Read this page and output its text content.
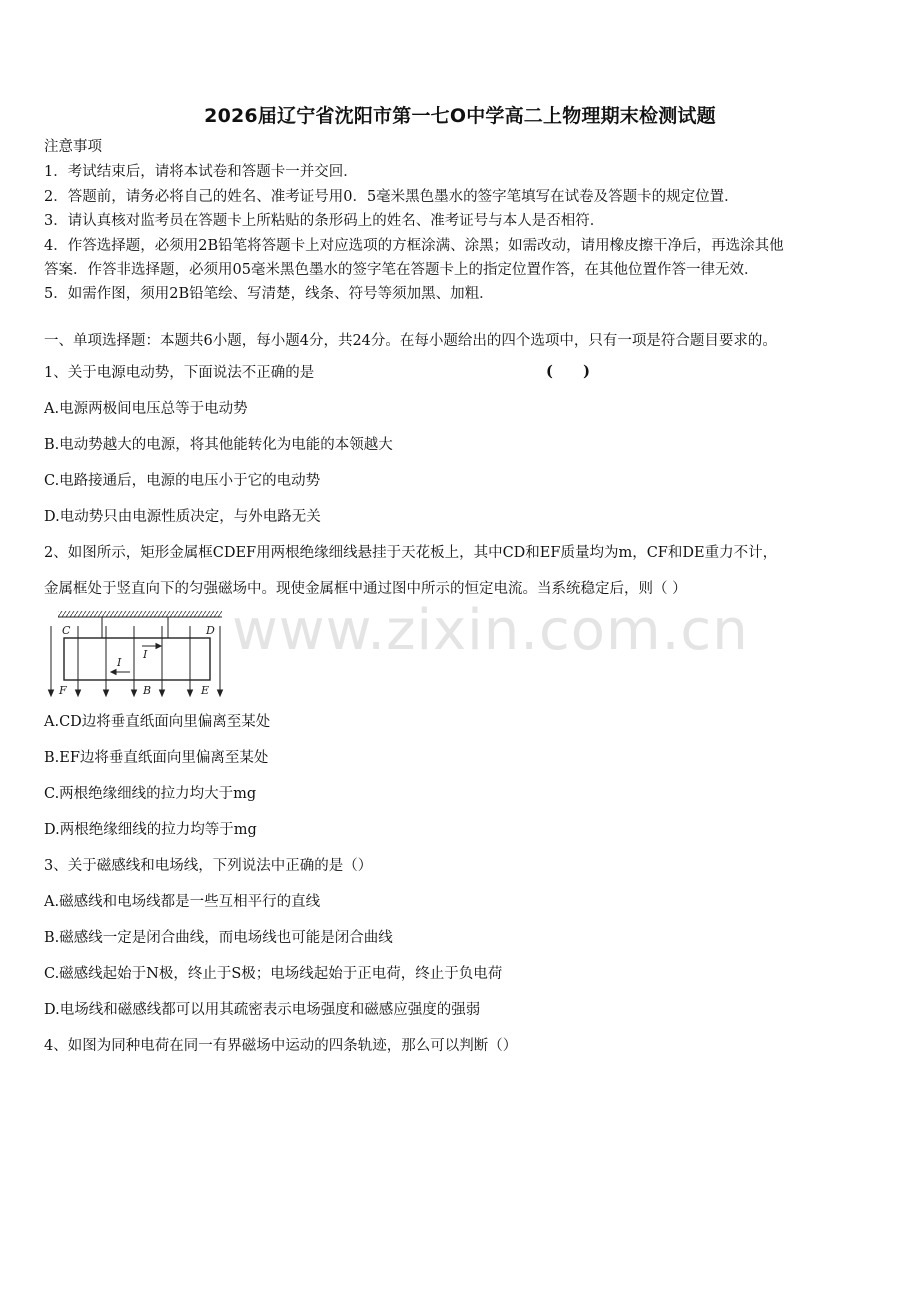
www.zixin.com.cn
2026届辽宁省沈阳市第一七O中学高二上物理期末检测试题
注意事项
1．考试结束后，请将本试卷和答题卡一并交回．
2．答题前，请务必将自己的姓名、准考证号用0．5毫米黑色墨水的签字笔填写在试卷及答题卡的规定位置．
3．请认真核对监考员在答题卡上所粘贴的条形码上的姓名、准考证号与本人是否相符．
4．作答选择题，必须用2B铅笔将答题卡上对应选项的方框涂满、涂黑；如需改动，请用橡皮擦干净后，再选涂其他
答案．作答非选择题，必须用05毫米黑色墨水的签字笔在答题卡上的指定位置作答，在其他位置作答一律无效．
5．如需作图，须用2B铅笔绘、写清楚，线条、符号等须加黑、加粗．
一、单项选择题：本题共6小题，每小题4分，共24分。在每小题给出的四个选项中，只有一项是符合题目要求的。
1、关于电源电动势，下面说法不正确的是	(      )
A.电源两极间电压总等于电动势
B.电动势越大的电源，将其他能转化为电能的本领越大
C.电路接通后，电源的电压小于它的电动势
D.电动势只由电源性质决定，与外电路无关
2、如图所示，矩形金属框CDEF用两根绝缘细线悬挂于天花板上，其中CD和EF质量均为m，CF和DE重力不计，
金属框处于竖直向下的匀强磁场中。现使金属框中通过图中所示的恒定电流。当系统稳定后，则（ ）
C	D
I
I
F	B	E
A.CD边将垂直纸面向里偏离至某处
B.EF边将垂直纸面向里偏离至某处
C.两根绝缘细线的拉力均大于mg
D.两根绝缘细线的拉力均等于mg
3、关于磁感线和电场线，下列说法中正确的是（）
A.磁感线和电场线都是一些互相平行的直线
B.磁感线一定是闭合曲线，而电场线也可能是闭合曲线
C.磁感线起始于N极，终止于S极；电场线起始于正电荷，终止于负电荷
D.电场线和磁感线都可以用其疏密表示电场强度和磁感应强度的强弱
4、如图为同种电荷在同一有界磁场中运动的四条轨迹，那么可以判断（）
